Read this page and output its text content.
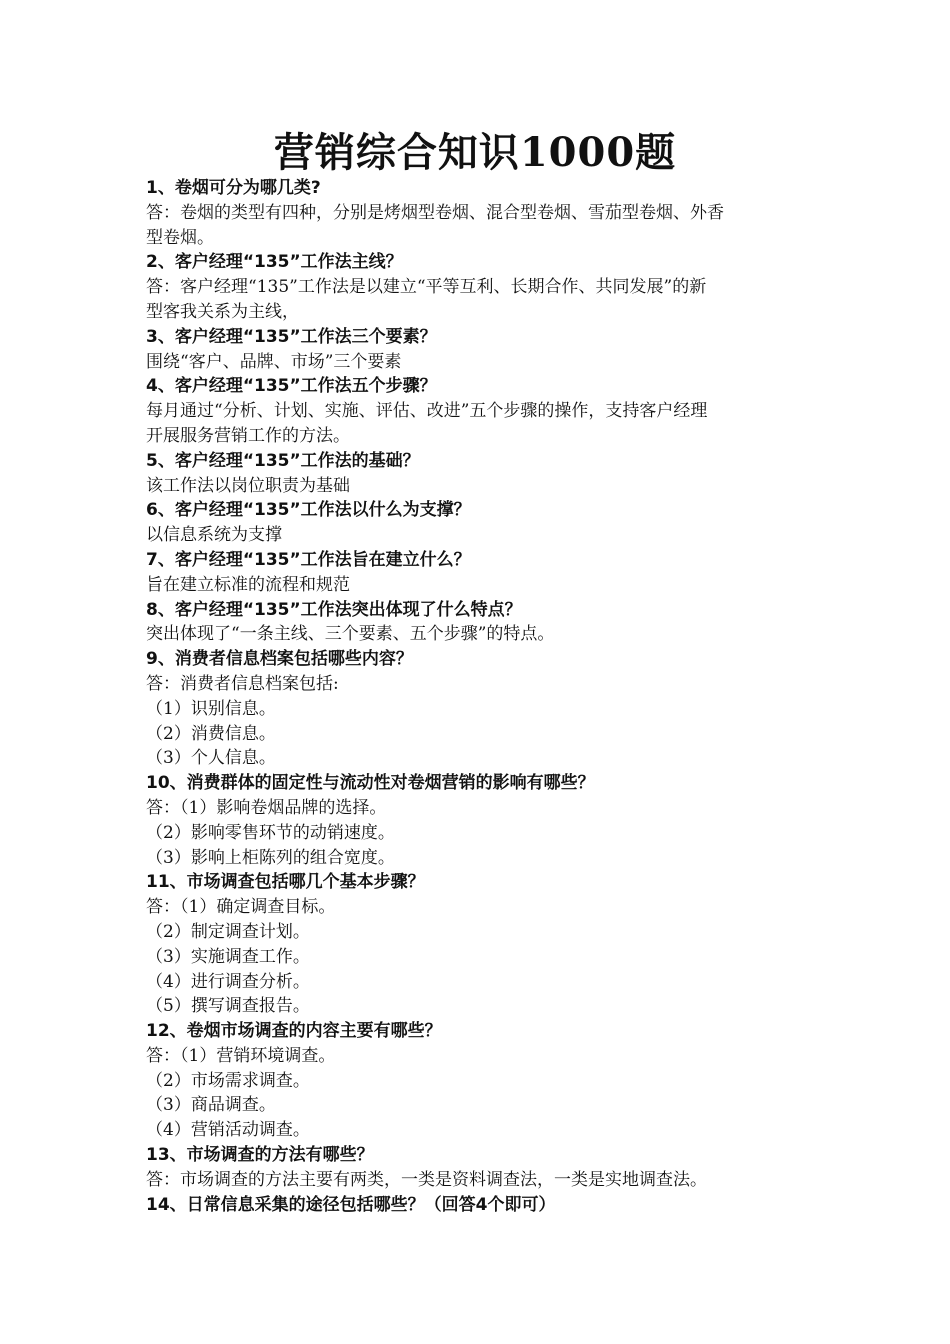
营销综合知识1000题
1、卷烟可分为哪几类?
答：卷烟的类型有四种，分别是烤烟型卷烟、混合型卷烟、雪茄型卷烟、外香
型卷烟。
2、客户经理“135”工作法主线？
答：客户经理“135”工作法是以建立“平等互利、长期合作、共同发展”的新
型客我关系为主线，
3、客户经理“135”工作法三个要素？
围绕“客户、品牌、市场”三个要素
4、客户经理“135”工作法五个步骤？
每月通过“分析、计划、实施、评估、改进”五个步骤的操作，支持客户经理
开展服务营销工作的方法。
5、客户经理“135”工作法的基础？
该工作法以岗位职责为基础
6、客户经理“135”工作法以什么为支撑？
以信息系统为支撑
7、客户经理“135”工作法旨在建立什么？
旨在建立标准的流程和规范
8、客户经理“135”工作法突出体现了什么特点？
突出体现了“一条主线、三个要素、五个步骤”的特点。
9、消费者信息档案包括哪些内容？
答：消费者信息档案包括:
（1）识别信息。
（2）消费信息。
（3）个人信息。
10、消费群体的固定性与流动性对卷烟营销的影响有哪些？
答：（1）影响卷烟品牌的选择。
（2）影响零售环节的动销速度。
（3）影响上柜陈列的组合宽度。
11、市场调查包括哪几个基本步骤？
答：（1）确定调查目标。
（2）制定调查计划。
（3）实施调查工作。
（4）进行调查分析。
（5）撰写调查报告。
12、卷烟市场调查的内容主要有哪些？
答：（1）营销环境调查。
（2）市场需求调查。
（3）商品调查。
（4）营销活动调查。
13、市场调查的方法有哪些？
答：市场调查的方法主要有两类，一类是资料调查法，一类是实地调查法。
14、日常信息采集的途径包括哪些？（回答4个即可）
